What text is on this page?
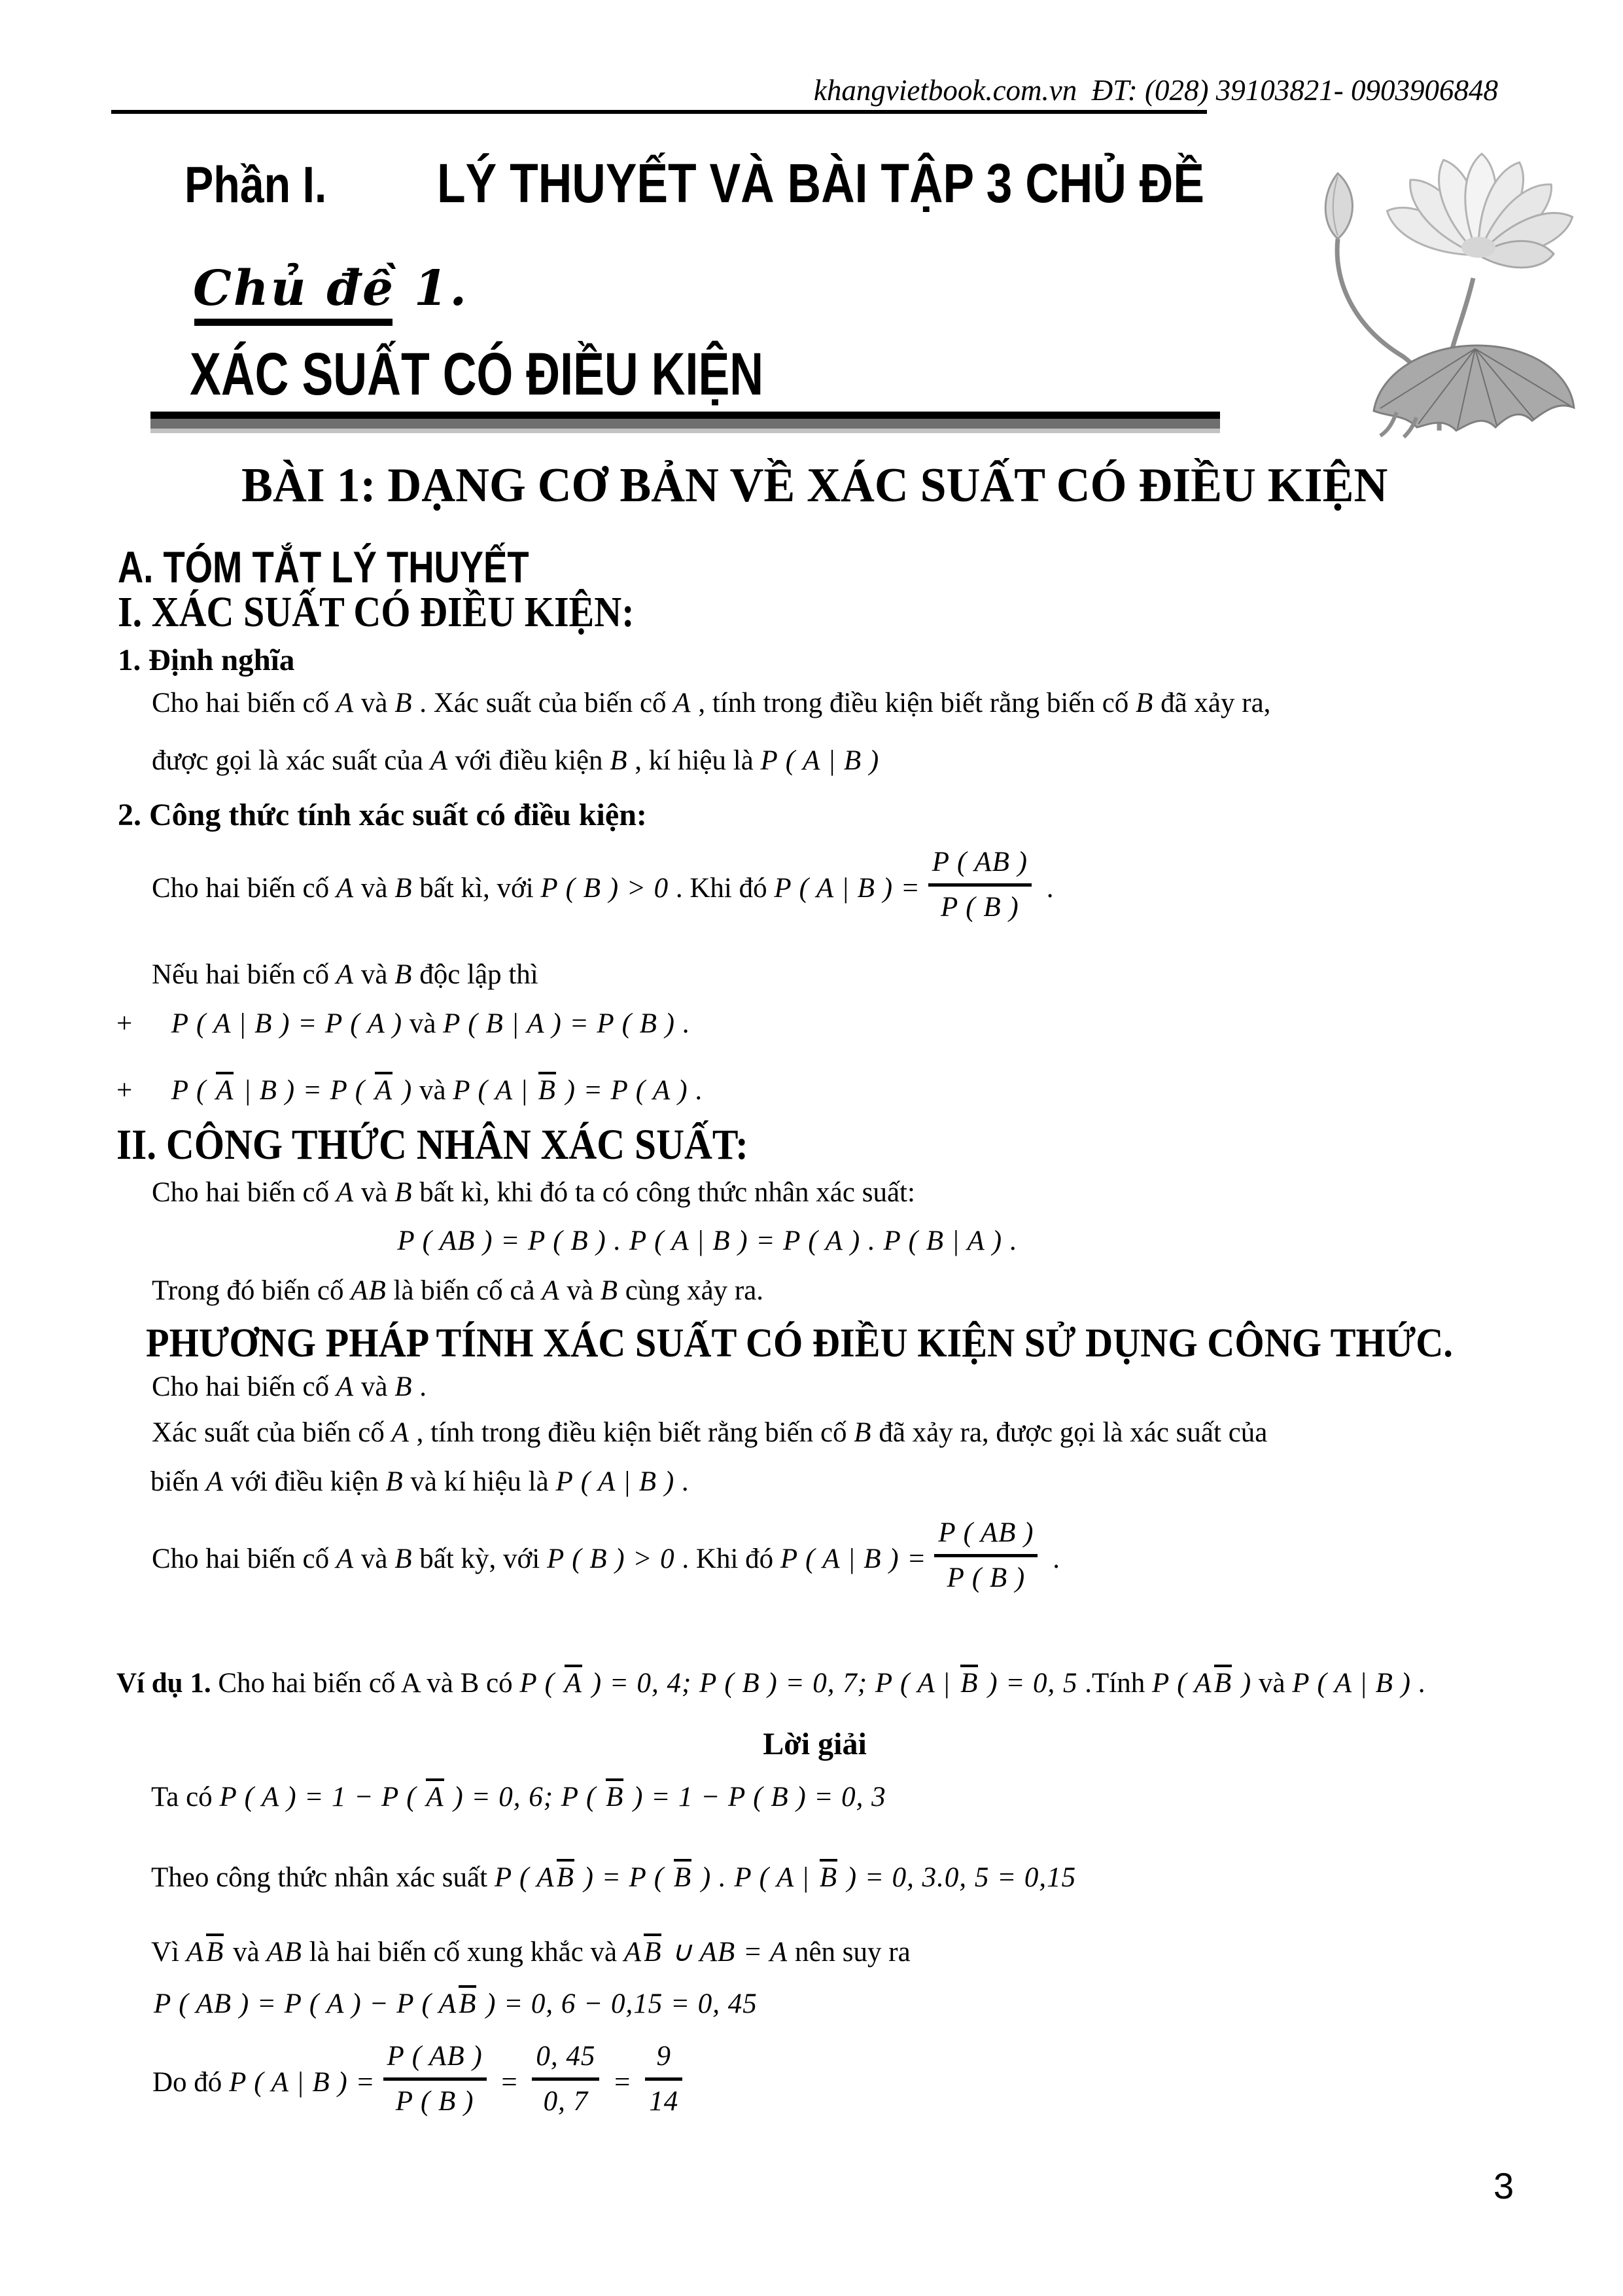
khangvietbook.com.vn ĐT: (028) 39103821- 0903906848
Phần I. LÝ THUYẾT VÀ BÀI TẬP 3 CHỦ ĐỀ
Chủ đề 1.
XÁC SUẤT CÓ ĐIỀU KIỆN
BÀI 1: DẠNG CƠ BẢN VỀ XÁC SUẤT CÓ ĐIỀU KIỆN
A. TÓM TẮT LÝ THUYẾT
I. XÁC SUẤT CÓ ĐIỀU KIỆN:
1. Định nghĩa
Cho hai biến cố A và B . Xác suất của biến cố A , tính trong điều kiện biết rằng biến cố B đã xảy ra,
được gọi là xác suất của A với điều kiện B , kí hiệu là P ( A | B )
2. Công thức tính xác suất có điều kiện:
Cho hai biến cố A và B bất kì, với P ( B ) > 0 . Khi đó P ( A | B ) =
P ( AB )
P ( B )
.
Nếu hai biến cố A và B độc lập thì
+ P ( A | B ) = P ( A ) và P ( B | A ) = P ( B ) .
+ P ( A | B ) = P ( A ) và P ( A | B ) = P ( A ) .
II. CÔNG THỨC NHÂN XÁC SUẤT:
Cho hai biến cố A và B bất kì, khi đó ta có công thức nhân xác suất:
P ( AB ) = P ( B ) . P ( A | B ) = P ( A ) . P ( B | A ) .
Trong đó biến cố AB là biến cố cả A và B cùng xảy ra.
PHƯƠNG PHÁP TÍNH XÁC SUẤT CÓ ĐIỀU KIỆN SỬ DỤNG CÔNG THỨC.
Cho hai biến cố A và B .
Xác suất của biến cố A , tính trong điều kiện biết rằng biến cố B đã xảy ra, được gọi là xác suất của
biến A với điều kiện B và kí hiệu là P ( A | B ) .
Cho hai biến cố A và B bất kỳ, với P ( B ) > 0 . Khi đó P ( A | B ) =
P ( AB )
P ( B )
.
Ví dụ 1. Cho hai biến cố A và B có P ( A ) = 0, 4; P ( B ) = 0, 7; P ( A | B ) = 0, 5 .Tính P ( AB ) và P ( A | B ) .
Lời giải
Ta có P ( A ) = 1 − P ( A ) = 0, 6; P ( B ) = 1 − P ( B ) = 0, 3
Theo công thức nhân xác suất P ( AB ) = P ( B ) . P ( A | B ) = 0, 3.0, 5 = 0,15
Vì AB và AB là hai biến cố xung khắc và AB ∪ AB = A nên suy ra
P ( AB ) = P ( A ) − P ( AB ) = 0, 6 − 0,15 = 0, 45
Do đó P ( A | B ) =
P ( AB )
P ( B )
=
0, 45
0, 7
=
9
14
3
